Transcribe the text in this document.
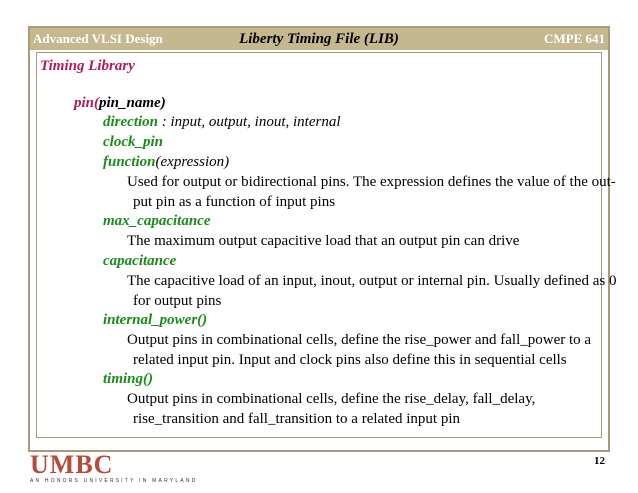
Advanced VLSI Design	Liberty Timing File (LIB)	CMPE 641
Timing Library
pin(pin_name)
direction : input, output, inout, internal
clock_pin
function(expression)
Used for output or bidirectional pins. The expression defines the value of the out-
put pin as a function of input pins
max_capacitance
The maximum output capacitive load that an output pin can drive
capacitance
The capacitive load of an input, inout, output or internal pin. Usually defined as 0
for output pins
internal_power()
Output pins in combinational cells, define the rise_power and fall_power to a
related input pin. Input and clock pins also define this in sequential cells
timing()
Output pins in combinational cells, define the rise_delay, fall_delay,
rise_transition and fall_transition to a related input pin
UMBC
AN HONORS UNIVERSITY IN MARYLAND
12
